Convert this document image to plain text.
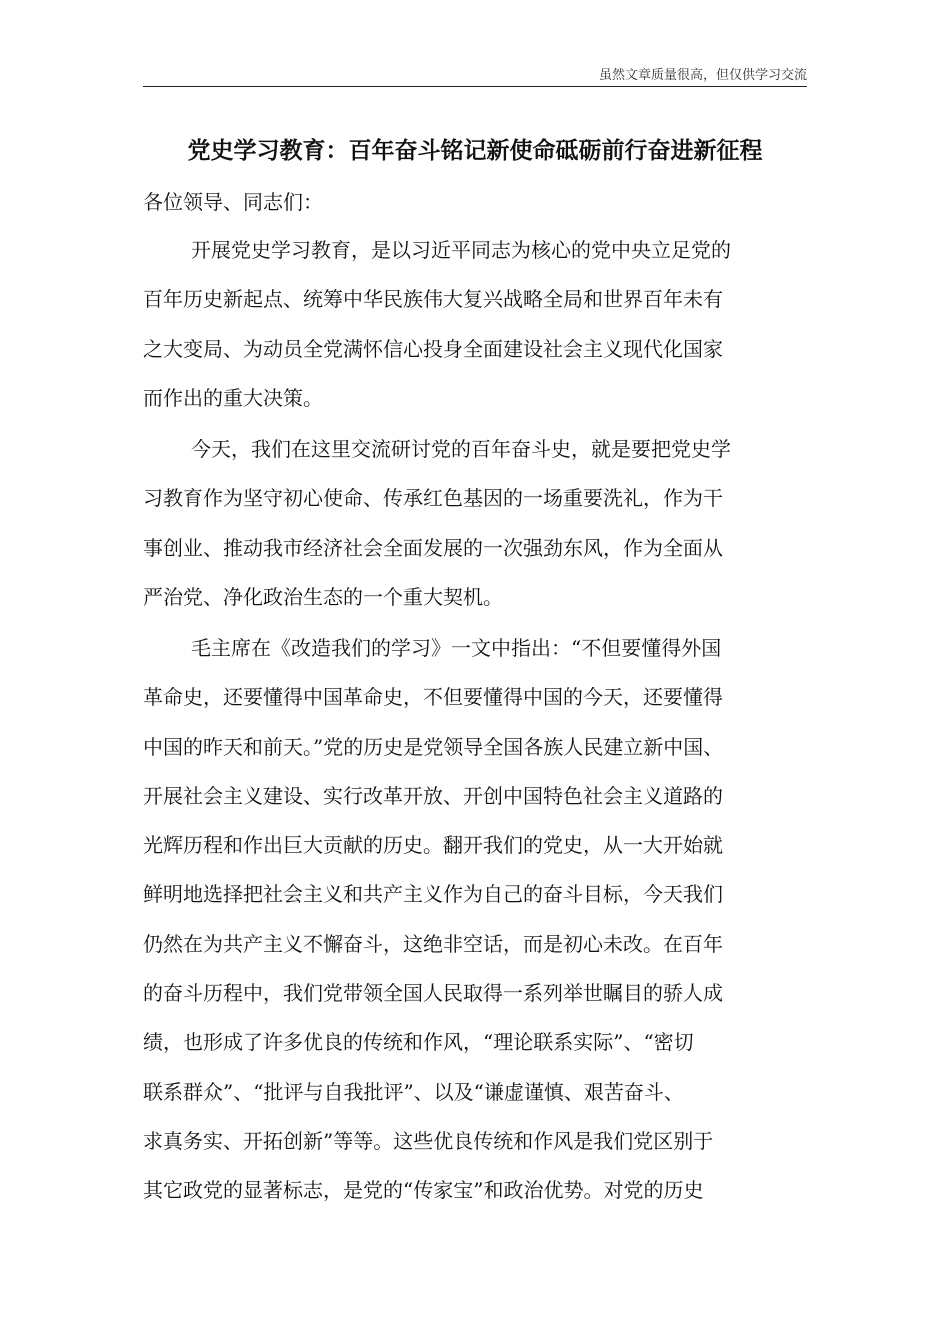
虽然文章质量很高，但仅供学习交流
党史学习教育：百年奋斗铭记新使命砥砺前行奋进新征程
各位领导、同志们：
开展党史学习教育，是以习近平同志为核心的党中央立足党的
百年历史新起点、统筹中华民族伟大复兴战略全局和世界百年未有
之大变局、为动员全党满怀信心投身全面建设社会主义现代化国家
而作出的重大决策。
今天，我们在这里交流研讨党的百年奋斗史，就是要把党史学
习教育作为坚守初心使命、传承红色基因的一场重要洗礼，作为干
事创业、推动我市经济社会全面发展的一次强劲东风，作为全面从
严治党、净化政治生态的一个重大契机。
毛主席在《改造我们的学习》一文中指出：“不但要懂得外国
革命史，还要懂得中国革命史，不但要懂得中国的今天，还要懂得
中国的昨天和前天。”党的历史是党领导全国各族人民建立新中国、
开展社会主义建设、实行改革开放、开创中国特色社会主义道路的
光辉历程和作出巨大贡献的历史。翻开我们的党史，从一大开始就
鲜明地选择把社会主义和共产主义作为自己的奋斗目标，今天我们
仍然在为共产主义不懈奋斗，这绝非空话，而是初心未改。在百年
的奋斗历程中，我们党带领全国人民取得一系列举世瞩目的骄人成
绩，也形成了许多优良的传统和作风，“理论联系实际”、“密切
联系群众”、“批评与自我批评”、以及“谦虚谨慎、艰苦奋斗、
求真务实、开拓创新”等等。这些优良传统和作风是我们党区别于
其它政党的显著标志，是党的“传家宝”和政治优势。对党的历史
